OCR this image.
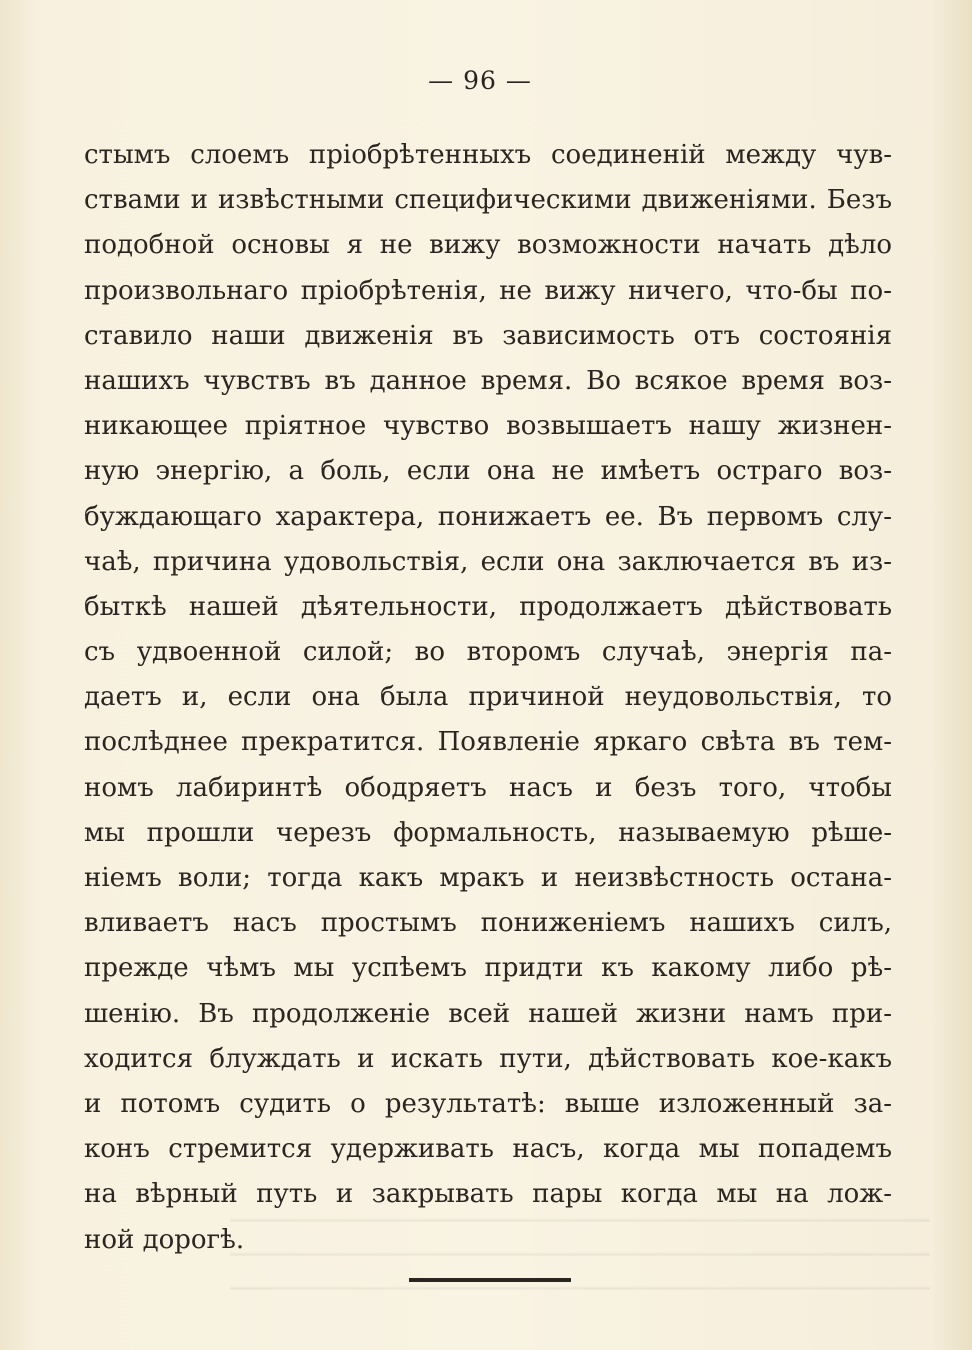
— 96 —
стымъ слоемъ пріобрѣтенныхъ соединеній между чув-
ствами и извѣстными специфическими движеніями. Безъ
подобной основы я не вижу возможности начать дѣло
произвольнаго пріобрѣтенія, не вижу ничего, что-бы по-
ставило наши движенія въ зависимость отъ состоянія
нашихъ чувствъ въ данное время. Во всякое время воз-
никающее пріятное чувство возвышаетъ нашу жизнен-
ную энергію, а боль, если она не имѣетъ остраго воз-
буждающаго характера, понижаетъ ее. Въ первомъ слу-
чаѣ, причина удовольствія, если она заключается въ из-
быткѣ нашей дѣятельности, продолжаетъ дѣйствовать
съ удвоенной силой; во второмъ случаѣ, энергія па-
даетъ и, если она была причиной неудовольствія, то
послѣднее прекратится. Появленіе яркаго свѣта въ тем-
номъ лабиринтѣ ободряетъ насъ и безъ того, чтобы
мы прошли черезъ формальность, называемую рѣше-
ніемъ воли; тогда какъ мракъ и неизвѣстность остана-
вливаетъ насъ простымъ пониженіемъ нашихъ силъ,
прежде чѣмъ мы успѣемъ придти къ какому либо рѣ-
шенію. Въ продолженіе всей нашей жизни намъ при-
ходится блуждать и искать пути, дѣйствовать кое-какъ
и потомъ судить о результатѣ: выше изложенный за-
конъ стремится удерживать насъ, когда мы попадемъ
на вѣрный путь и закрывать пары когда мы на лож-
ной дорогѣ.
